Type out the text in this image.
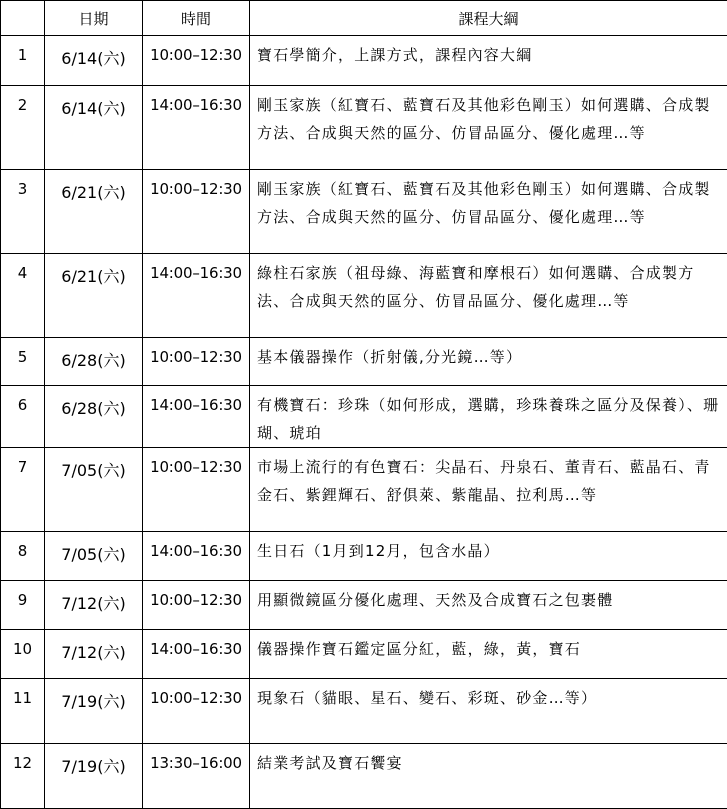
	日期	時間	課程大綱
1	6/14(六)	10:00–12:30	寶石學簡介，上課方式，課程內容大綱
2	6/14(六)	14:00–16:30	剛玉家族（紅寶石、藍寶石及其他彩色剛玉）如何選購、合成製方法、合成與天然的區分、仿冒品區分、優化處理…等
3	6/21(六)	10:00–12:30	剛玉家族（紅寶石、藍寶石及其他彩色剛玉）如何選購、合成製方法、合成與天然的區分、仿冒品區分、優化處理…等
4	6/21(六)	14:00–16:30	綠柱石家族（祖母綠、海藍寶和摩根石）如何選購、合成製方法、合成與天然的區分、仿冒品區分、優化處理…等
5	6/28(六)	10:00–12:30	基本儀器操作（折射儀,分光鏡…等）
6	6/28(六)	14:00–16:30	有機寶石：珍珠（如何形成，選購，珍珠養珠之區分及保養）、珊瑚、琥珀
7	7/05(六)	10:00–12:30	市場上流行的有色寶石：尖晶石、丹泉石、董青石、藍晶石、青金石、紫鋰輝石、舒俱萊、紫龍晶、拉利馬…等
8	7/05(六)	14:00–16:30	生日石（1月到12月，包含水晶）
9	7/12(六)	10:00–12:30	用顯微鏡區分優化處理、天然及合成寶石之包裹體
10	7/12(六)	14:00–16:30	儀器操作寶石鑑定區分紅，藍，綠，黃，寶石
11	7/19(六)	10:00–12:30	現象石（貓眼、星石、變石、彩斑、砂金…等）
12	7/19(六)	13:30–16:00	結業考試及寶石饗宴
